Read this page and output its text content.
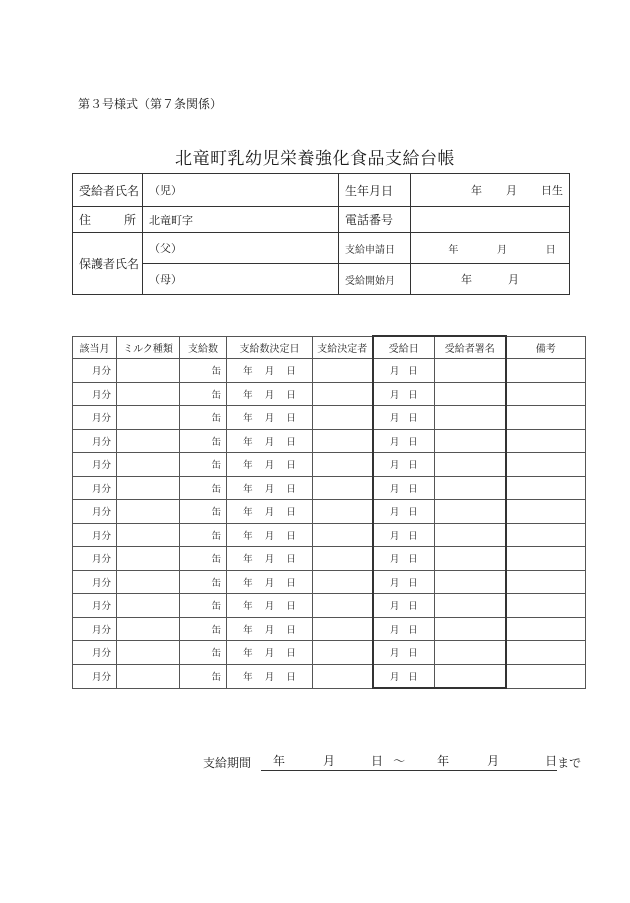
第３号様式（第７条関係）
北竜町乳幼児栄養強化食品支給台帳
受給者氏名	（児）	生年月日	年 月 日生

住 所	北竜町字	電話番号	
保護者氏名	（父）	支給申請日	年 月 日

	（母）	受給開始月	年 月
該当月	ミルク種類	支給数	支給数決定日	支給決定者	受給日	受給者署名	備考
月分		缶	年 月 日		月 日		

月分		缶	年 月 日		月 日		

月分		缶	年 月 日		月 日		

月分		缶	年 月 日		月 日		

月分		缶	年 月 日		月 日		

月分		缶	年 月 日		月 日		

月分		缶	年 月 日		月 日		

月分		缶	年 月 日		月 日		

月分		缶	年 月 日		月 日		

月分		缶	年 月 日		月 日		

月分		缶	年 月 日		月 日		

月分		缶	年 月 日		月 日		

月分		缶	年 月 日		月 日		

月分		缶	年 月 日		月 日		

支給期間 年	月	日 ～	年	月	日 まで
